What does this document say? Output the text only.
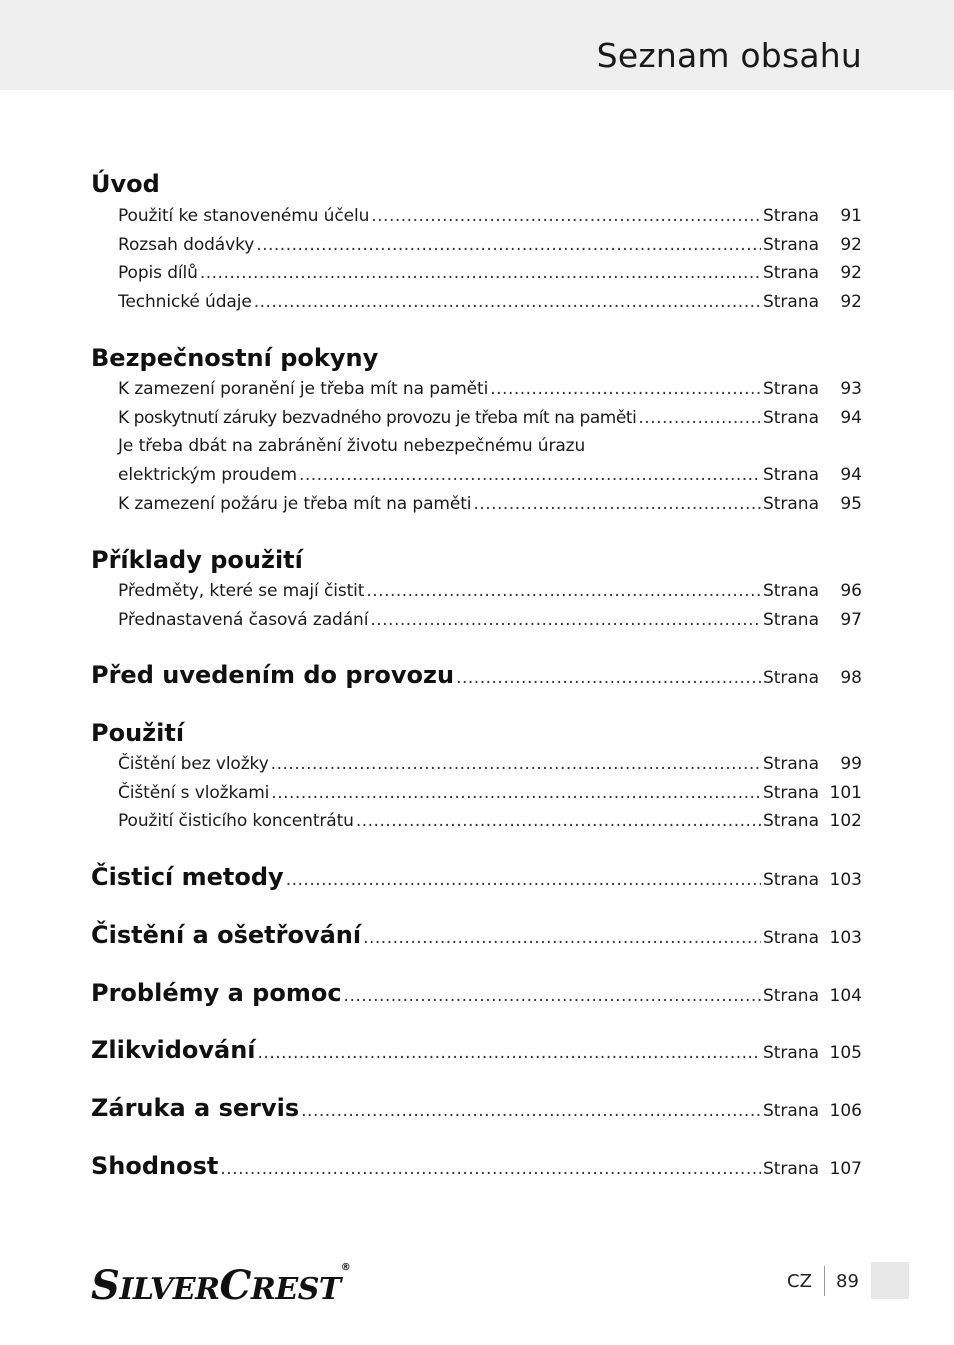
Seznam obsahu
Úvod
Použití ke stanovenému účelu .....	Strana	91
Rozsah dodávky .....	Strana	92
Popis dílů .....	Strana	92
Technické údaje .....	Strana	92
Bezpečnostní pokyny
K zamezení poranění je třeba mít na paměti .....	Strana	93
K poskytnutí záruky bezvadného provozu je třeba mít na paměti .....	Strana	94
Je třeba dbát na zabránění životu nebezpečnému úrazu
elektrickým proudem .....	Strana	94
K zamezení požáru je třeba mít na paměti .....	Strana	95
Příklady použití
Předměty, které se mají čistit .....	Strana	96
Přednastavená časová zadání .....	Strana	97
Před uvedením do provozu .....	Strana	98
Použití
Čištění bez vložky .....	Strana	99
Čištění s vložkami .....	Strana 101
Použití čisticího koncentrátu .....	Strana 102
Čisticí metody .....	Strana 103
Čistění a ošetřování .....	Strana 103
Problémy a pomoc .....	Strana 104
Zlikvidování .....	Strana 105
Záruka a servis .....	Strana 106
Shodnost .....	Strana 107
SILVERCREST®
CZ 89
